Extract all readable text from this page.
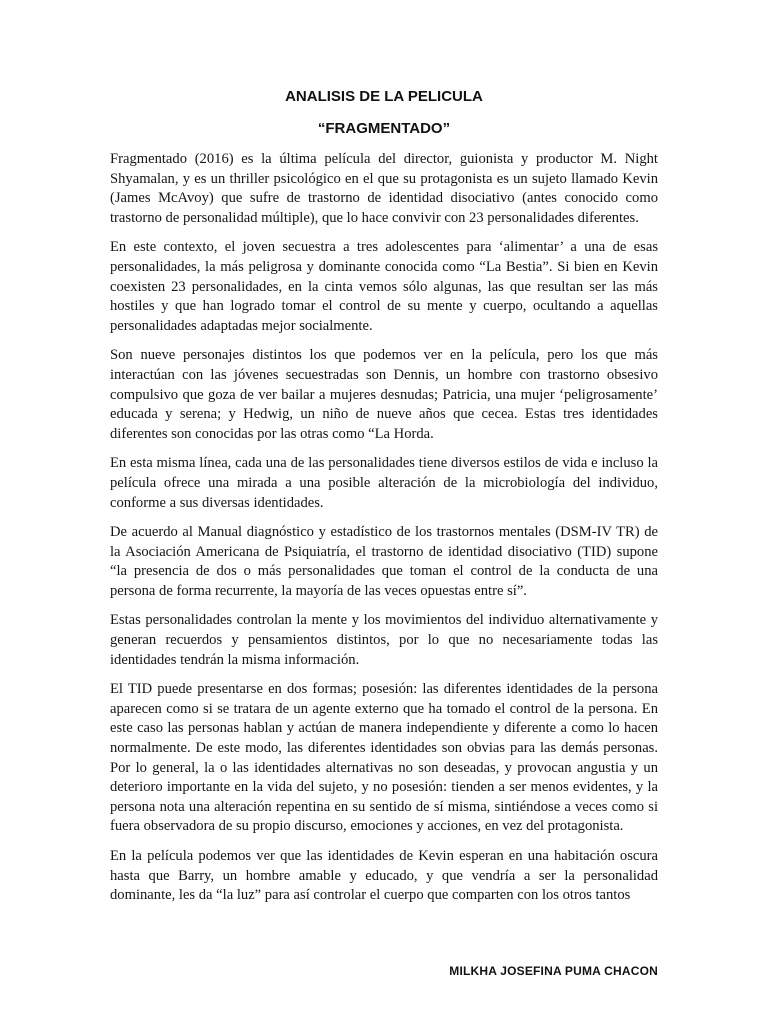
ANALISIS DE LA PELICULA
“FRAGMENTADO”

Fragmentado (2016) es la última película del director, guionista y productor M. Night Shyamalan, y es un thriller psicológico en el que su protagonista es un sujeto llamado Kevin (James McAvoy) que sufre de trastorno de identidad disociativo (antes conocido como trastorno de personalidad múltiple), que lo hace convivir con 23 personalidades diferentes.

En este contexto, el joven secuestra a tres adolescentes para ‘alimentar’ a una de esas personalidades, la más peligrosa y dominante conocida como “La Bestia”. Si bien en Kevin coexisten 23 personalidades, en la cinta vemos sólo algunas, las que resultan ser las más hostiles y que han logrado tomar el control de su mente y cuerpo, ocultando a aquellas personalidades adaptadas mejor socialmente.

Son nueve personajes distintos los que podemos ver en la película, pero los que más interactúan con las jóvenes secuestradas son Dennis, un hombre con trastorno obsesivo compulsivo que goza de ver bailar a mujeres desnudas; Patricia, una mujer ‘peligrosamente’ educada y serena; y Hedwig, un niño de nueve años que cecea. Estas tres identidades diferentes son conocidas por las otras como “La Horda.

En esta misma línea, cada una de las personalidades tiene diversos estilos de vida e incluso la película ofrece una mirada a una posible alteración de la microbiología del individuo, conforme a sus diversas identidades.

De acuerdo al Manual diagnóstico y estadístico de los trastornos mentales (DSM-IV TR) de la Asociación Americana de Psiquiatría, el trastorno de identidad disociativo (TID) supone “la presencia de dos o más personalidades que toman el control de la conducta de una persona de forma recurrente, la mayoría de las veces opuestas entre sí”.

Estas personalidades controlan la mente y los movimientos del individuo alternativamente y generan recuerdos y pensamientos distintos, por lo que no necesariamente todas las identidades tendrán la misma información.

El TID puede presentarse en dos formas; posesión: las diferentes identidades de la persona aparecen como si se tratara de un agente externo que ha tomado el control de la persona. En este caso las personas hablan y actúan de manera independiente y diferente a como lo hacen normalmente. De este modo, las diferentes identidades son obvias para las demás personas. Por lo general, la o las identidades alternativas no son deseadas, y provocan angustia y un deterioro importante en la vida del sujeto, y no posesión: tienden a ser menos evidentes, y la persona nota una alteración repentina en su sentido de sí misma, sintiéndose a veces como si fuera observadora de su propio discurso, emociones y acciones, en vez del protagonista.

En la película podemos ver que las identidades de Kevin esperan en una habitación oscura hasta que Barry, un hombre amable y educado, y que vendría a ser la personalidad dominante, les da “la luz” para así controlar el cuerpo que comparten con los otros tantos

MILKHA JOSEFINA PUMA CHACON
